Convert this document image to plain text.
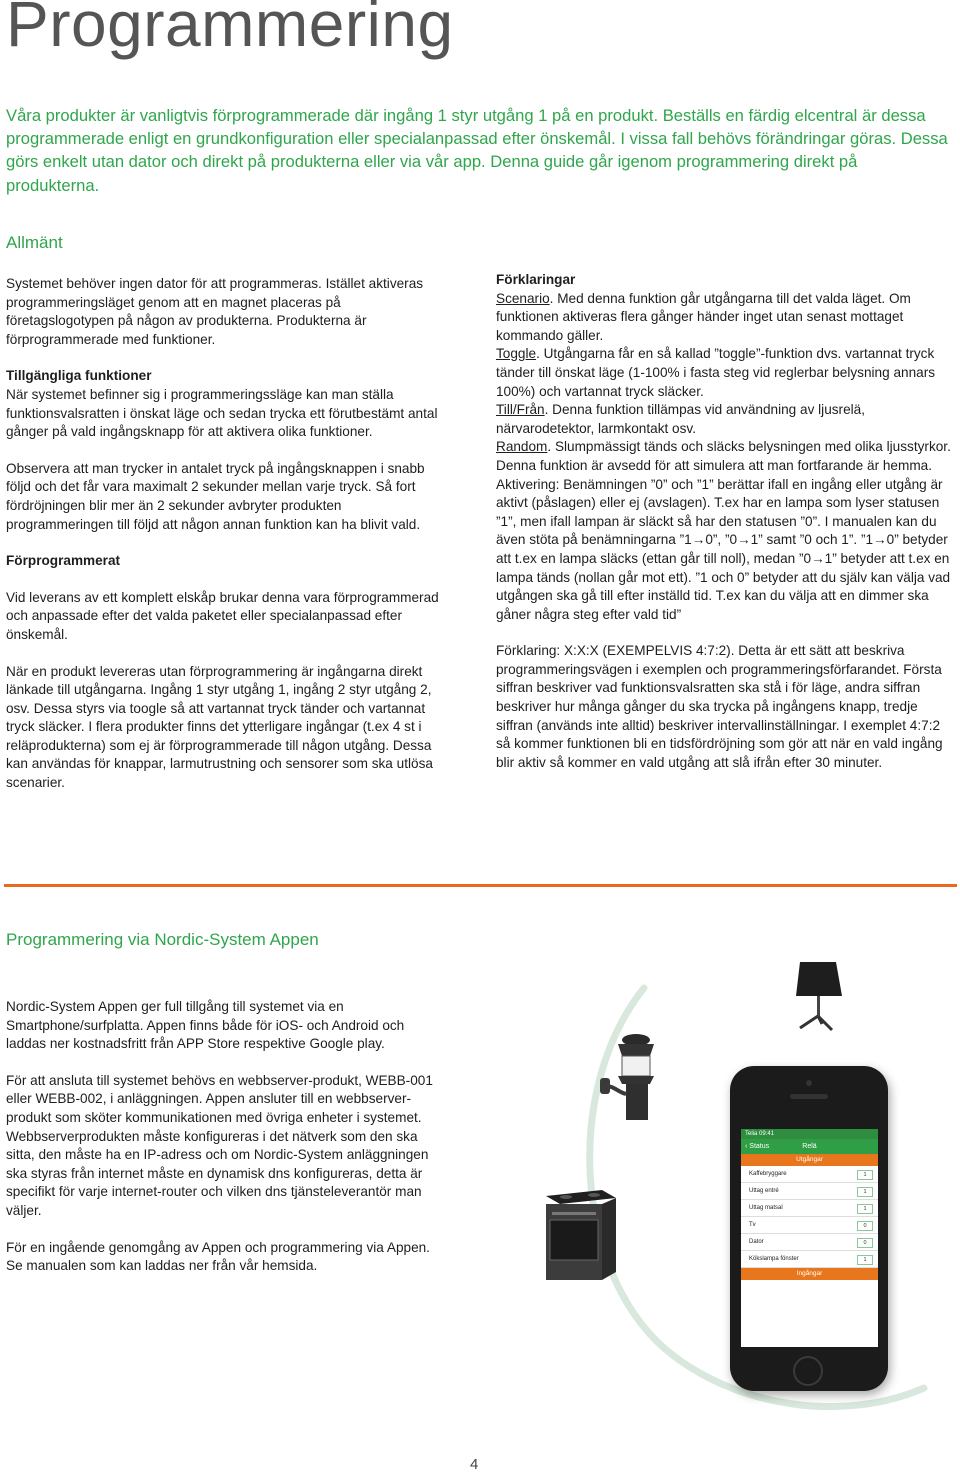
Programmering

Våra produkter är vanligtvis förprogrammerade där ingång 1 styr utgång 1 på en produkt. Beställs en färdig elcentral är dessa programmerade enligt en grundkonfiguration eller specialanpassad efter önskemål. I vissa fall behövs förändringar göras. Dessa görs enkelt utan dator och direkt på produkterna eller via vår app. Denna guide går igenom programmering direkt på produkterna.

Allmänt

Systemet behöver ingen dator för att programmeras. Istället aktiveras programmeringsläget genom att en magnet placeras på företagslogotypen på någon av produkterna. Produkterna är förprogrammerade med funktioner.

Tillgängliga funktioner

När systemet befinner sig i programmeringssläge kan man ställa funktionsvalsratten i önskat läge och sedan trycka ett förutbestämt antal gånger på vald ingångsknapp för att aktivera olika funktioner.

Observera att man trycker in antalet tryck på ingångsknappen i snabb följd och det får vara maximalt 2 sekunder mellan varje tryck. Så fort fördröjningen blir mer än 2 sekunder avbryter produkten programmeringen till följd att någon annan funktion kan ha blivit vald.

Förprogrammerat

Vid leverans av ett komplett elskåp brukar denna vara förprogrammerad och anpassade efter det valda paketet eller specialanpassad efter önskemål.

När en produkt levereras utan förprogrammering är ingångarna direkt länkade till utgångarna. Ingång 1 styr utgång 1, ingång 2 styr utgång 2, osv. Dessa styrs via toogle så att vartannat tryck tänder och vartannat tryck släcker. I flera produkter finns det ytterligare ingångar (t.ex 4 st i reläprodukterna) som ej är förprogrammerade till någon utgång. Dessa kan användas för knappar, larmutrustning och sensorer som ska utlösa scenarier.

Förklaringar

Scenario. Med denna funktion går utgångarna till det valda läget. Om funktionen aktiveras flera gånger händer inget utan senast mottaget kommando gäller.

Toggle. Utgångarna får en så kallad ”toggle”-funktion dvs. vartannat tryck tänder till önskat läge (1-100% i fasta steg vid reglerbar belysning annars 100%) och vartannat tryck släcker.

Till/Från. Denna funktion tillämpas vid användning av ljusrelä, närvarodetektor, larmkontakt osv.

Random. Slumpmässigt tänds och släcks belysningen med olika ljusstyrkor. Denna funktion är avsedd för att simulera att man fortfarande är hemma.

Aktivering: Benämningen ”0” och ”1” berättar ifall en ingång eller utgång är aktivt (påslagen) eller ej (avslagen). T.ex har en lampa som lyser statusen ”1”, men ifall lampan är släckt så har den statusen ”0”. I manualen kan du även stöta på benämningarna ”1→0”, ”0→1” samt ”0 och 1”. ”1→0” betyder att t.ex en lampa släcks (ettan går till noll), medan ”0→1” betyder att t.ex en lampa tänds (nollan går mot ett). ”1 och 0” betyder att du själv kan välja vad utgången ska gå till efter inställd tid. T.ex kan du välja att en dimmer ska gåner några steg efter vald tid”

Förklaring: X:X:X (EXEMPELVIS 4:7:2). Detta är ett sätt att beskriva programmeringsvägen i exemplen och programmeringsförfarandet. Första siffran beskriver vad funktionsvalsratten ska stå i för läge, andra siffran beskriver hur många gånger du ska trycka på ingångens knapp, tredje siffran (används inte alltid) beskriver intervallinställningar. I exemplet 4:7:2 så kommer funktionen bli en tidsfördröjning som gör att när en vald ingång blir aktiv så kommer en vald utgång att slå ifrån efter 30 minuter.

Programmering via Nordic-System Appen

Nordic-System Appen ger full tillgång till systemet via en Smartphone/surfplatta. Appen finns både för iOS- och Android och laddas ner kostnadsfritt från APP Store respektive Google play.

För att ansluta till systemet behövs en webbserver-produkt, WEBB-001 eller WEBB-002, i anläggningen. Appen ansluter till en webbserver-produkt som sköter kommunikationen med övriga enheter i systemet. Webbserverprodukten måste konfigureras i det nätverk som den ska sitta, den måste ha en IP-adress och om Nordic-System anläggningen ska styras från internet måste en dynamisk dns konfigureras, detta är specifikt för varje internet-router och vilken dns tjänsteleverantör man väljer.

För en ingående genomgång av Appen och programmering via Appen. Se manualen som kan laddas ner från vår hemsida.

Telia 09:41
‹ Status	Relä
Utgångar
Kaffebryggare	1
Uttag entré	1
Uttag matsal	1
Tv	0
Dator	0
Kökslampa fönster	1
Ingångar
4
